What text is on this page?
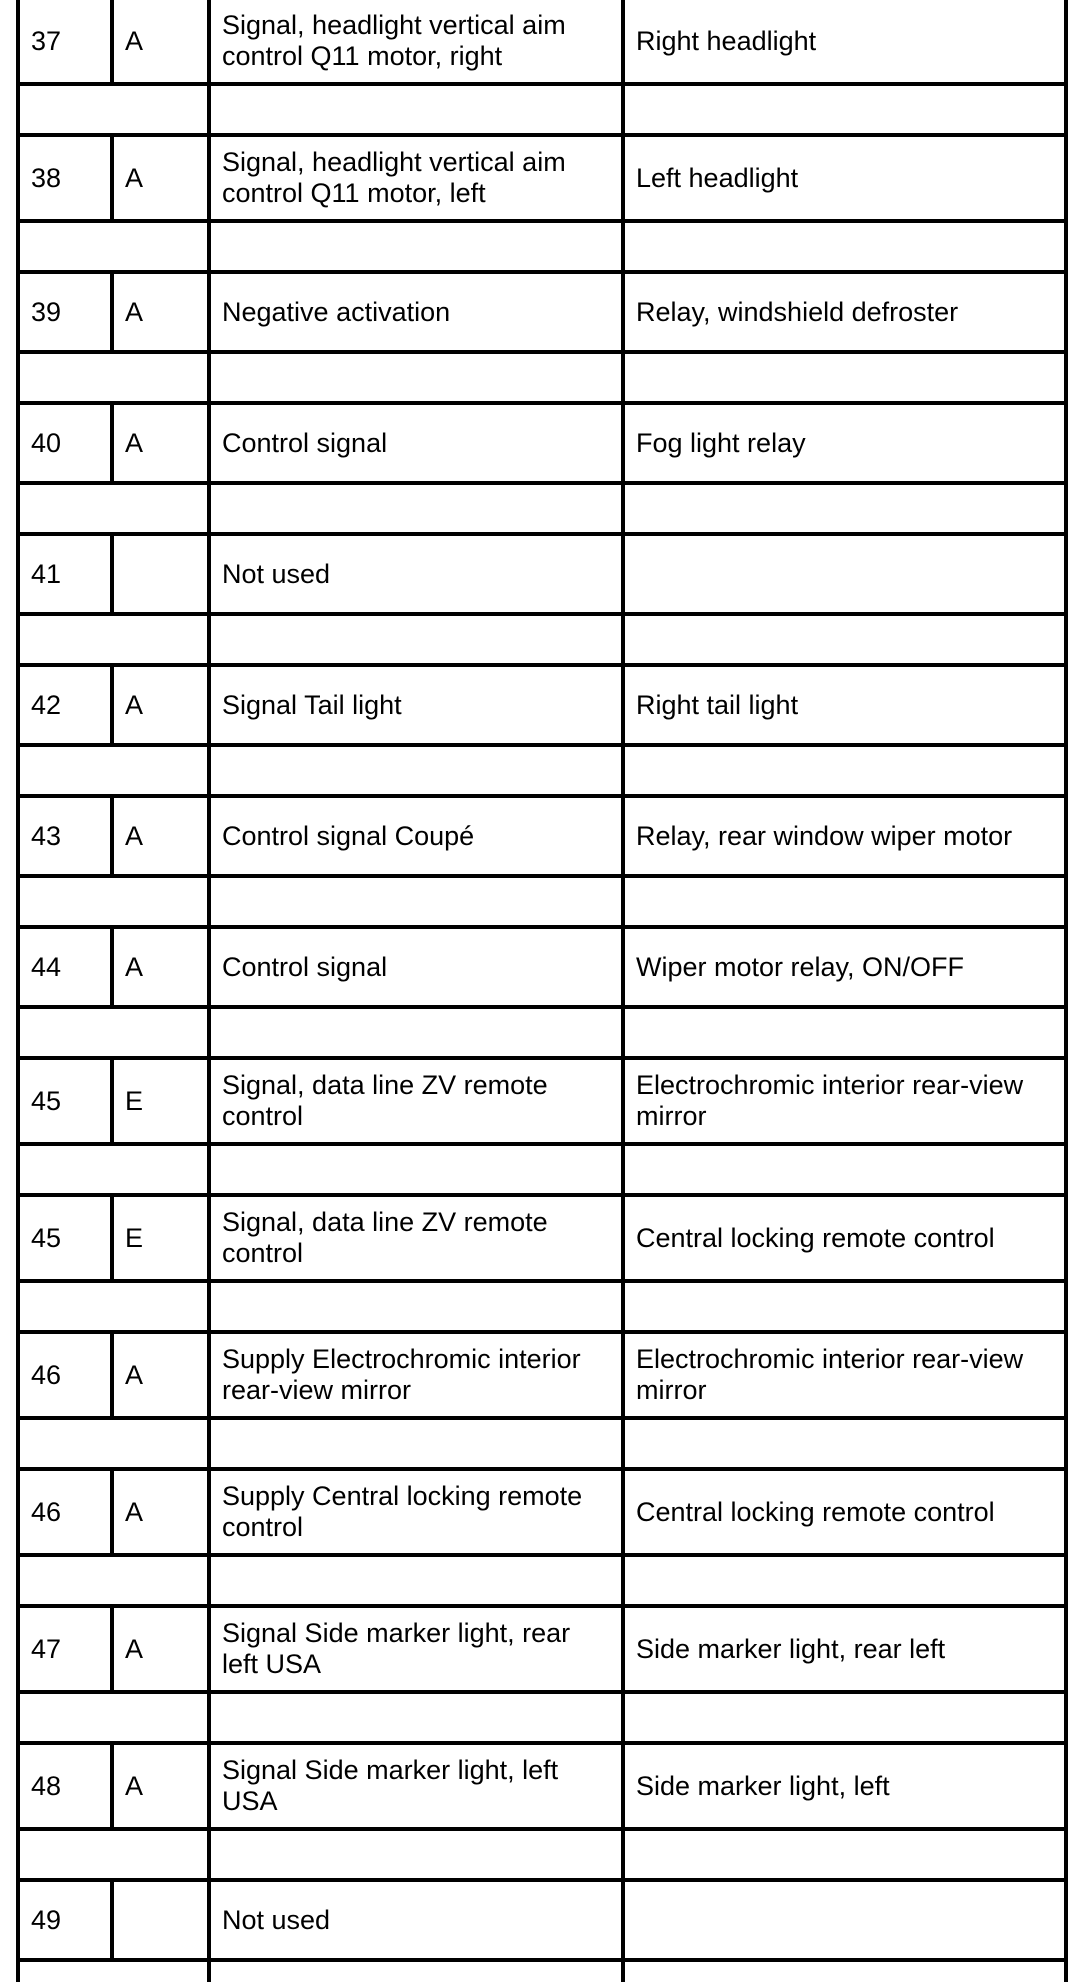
37	A	Signal, headlight vertical aim control Q11 motor, right	Right headlight

38	A	Signal, headlight vertical aim control Q11 motor, left	Left headlight

39	A	Negative activation	Relay, windshield defroster

40	A	Control signal	Fog light relay

41		Not used	

42	A	Signal Tail light	Right tail light

43	A	Control signal Coupé	Relay, rear window wiper motor

44	A	Control signal	Wiper motor relay, ON/OFF

45	E	Signal, data line ZV remote control	Electrochromic interior rear-view mirror

45	E	Signal, data line ZV remote control	Central locking remote control

46	A	Supply Electrochromic interior rear-view mirror	Electrochromic interior rear-view mirror

46	A	Supply Central locking remote control	Central locking remote control

47	A	Signal Side marker light, rear left USA	Side marker light, rear left

48	A	Signal Side marker light, left USA	Side marker light, left

49		Not used	
